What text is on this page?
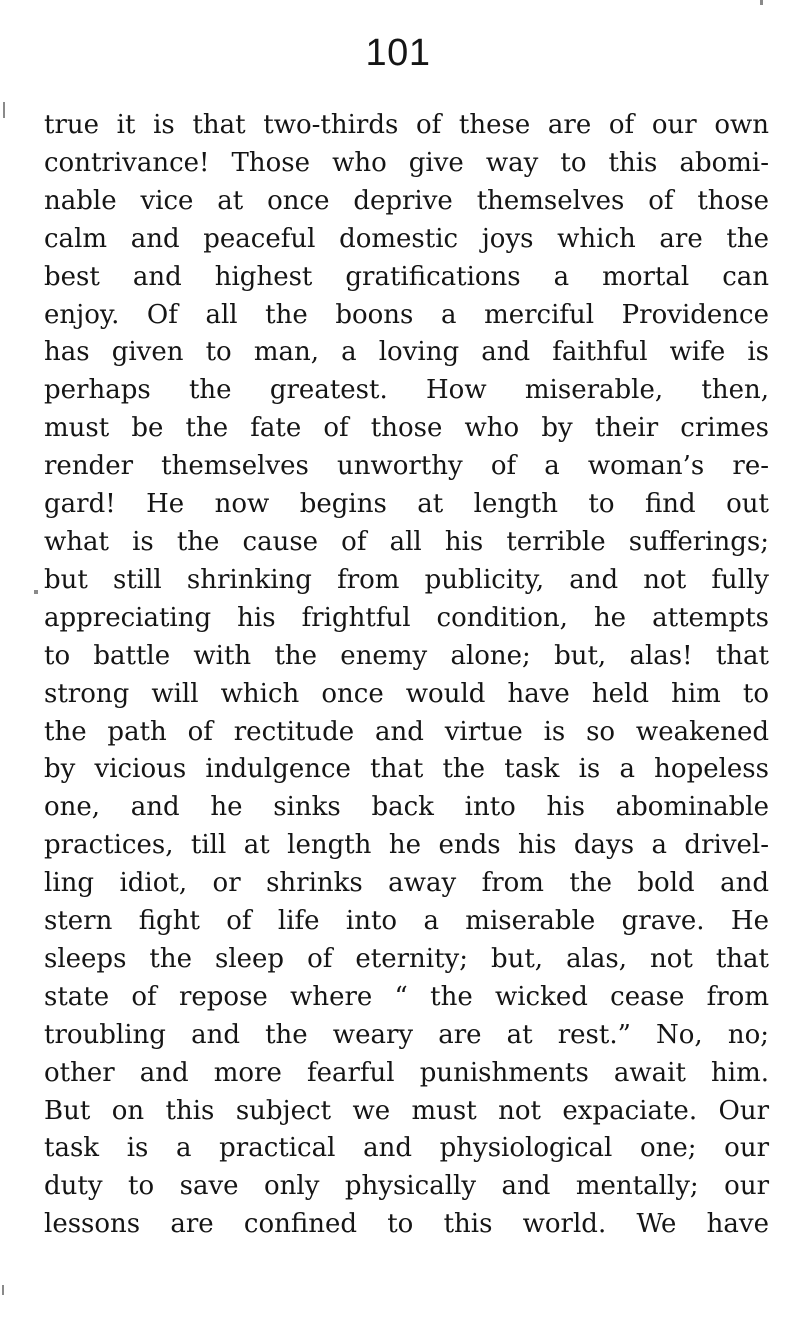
101
true it is that two-thirds of these are of our own
contrivance! Those who give way to this abomi-
nable vice at once deprive themselves of those
calm and peaceful domestic joys which are the
best and highest gratifications a mortal can
enjoy. Of all the boons a merciful Providence
has given to man, a loving and faithful wife is
perhaps the greatest. How miserable, then,
must be the fate of those who by their crimes
render themselves unworthy of a woman’s re-
gard! He now begins at length to find out
what is the cause of all his terrible sufferings;
but still shrinking from publicity, and not fully
appreciating his frightful condition, he attempts
to battle with the enemy alone; but, alas! that
strong will which once would have held him to
the path of rectitude and virtue is so weakened
by vicious indulgence that the task is a hopeless
one, and he sinks back into his abominable
practices, till at length he ends his days a drivel-
ling idiot, or shrinks away from the bold and
stern fight of life into a miserable grave. He
sleeps the sleep of eternity; but, alas, not that
state of repose where “ the wicked cease from
troubling and the weary are at rest.” No, no;
other and more fearful punishments await him.
But on this subject we must not expaciate. Our
task is a practical and physiological one; our
duty to save only physically and mentally; our
lessons are confined to this world. We have
